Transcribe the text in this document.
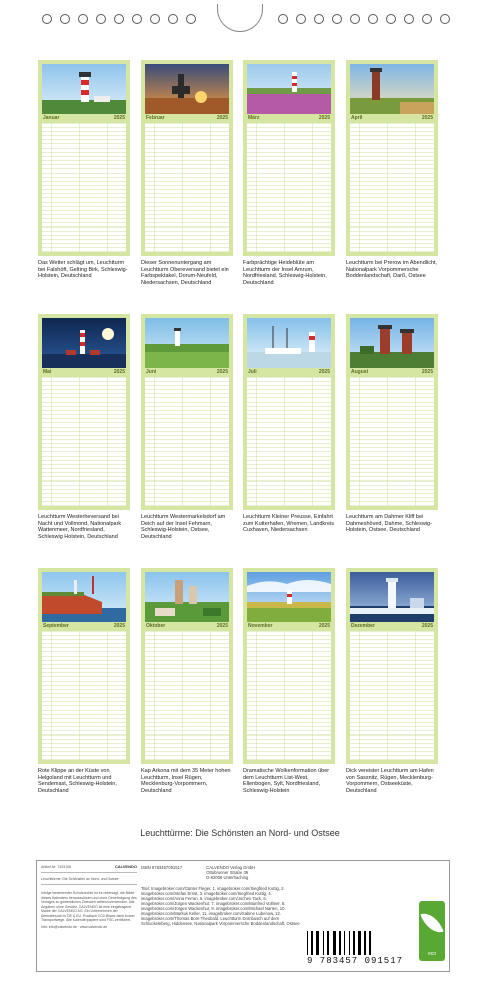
Januar	2025
Das Wetter schlägt um, Leuchtturm bei Falshöft, Gelting Birk, Schleswig-Holstein, Deutschland
Februar	2025
Dieser Sonnenuntergang am Leuchtturm Obereversand bietet ein Farbspektakel, Dorum-Neufeld, Niedersachsen, Deutschland
März	2025
Farbprächtige Heideblüte am Leuchtturm der Insel Amrum, Nordfriesland, Schleswig-Holstein, Deutschland
April	2025
Leuchtturm bei Prerow im Abendlicht, Nationalpark Vorpommersche Boddenlandschaft, Darß, Ostsee
Mai	2025
Leuchtturm Westerheversand bei Nacht und Vollmond, Nationalpark Wattenmeer, Nordfriesland, Schleswig Holstein, Deutschland
Juni	2025
Leuchtturm Westermarkelsdorf am Deich auf der Insel Fehmarn, Schleswig-Holstein, Ostsee, Deutschland
Juli	2025
Leuchtturm Kleiner Preusse, Einfahrt zum Kutterhafen, Wremen, Landkreis Cuxhaven, Niedersachsen
August	2025
Leuchtturm am Dahmer Kliff bei Dahmeshöved, Dahme, Schleswig-Holstein, Ostsee, Deutschland
September	2025
Rote Klippe an der Küste von Helgoland mit Leuchtturm und Sendemast, Schleswig-Holstein, Deutschland
Oktober	2025
Kap Arkona mit dem 35 Meter hohen Leuchtturm, Insel Rügen, Mecklenburg-Vorpommern, Deutschland
November	2025
Dramatische Wolkenformation über dem Leuchtturm List-West, Ellenbogen, Sylt, Nordfriesland, Schleswig-Holstein
Dezember	2025
Dick vereister Leuchtturm am Hafen von Sassnitz, Rügen, Mecklenburg-Vorpommern, Ostseeküste, Deutschland
Leuchttürme: Die Schönsten an Nord- und Ostsee
Artikel-Nr. 7433106	CALVENDO
Leuchttürme: Die Schönsten an Nord- und Ostsee
Infolge bestehender Schutzrechte ist es untersagt, die Bilder dieses Kalenders herauszulösen und ohne Genehmigung des Verlages zu gewerblichen Zwecken weiterzuverwenden. Alle Angaben ohne Gewähr. CALVENDO ist eine eingetragene Marke der CALVENDO AG. Ein Unternehmen der Ammabesuch in DE & EU. Postfach CO2-Bilanz dank kurzer Transportwege. Alle Kalenderpapiere sind FSC-zertifiziert.
Info: info@calvendo.de · www.calvendo.de
ISBN 9783457091517	CALVENDO Verlag GmbH
Ottobrunner Straße 39
D-82008 Unterhaching
Titel: Imagebroker.com/Günter Fleger, 1. imagebroker.com/Siegfried Kuttig, 2. imagebroker.com/Stefan Ernst, 3. imagebroker.com/Siegfried Kuttig, 4. imagebroker.com/Anna Ferrari, 5. imagebroker.com/Jochen Tack, 6. imagebroker.com/Jürgen Wackenhut, 7. imagebroker.com/Manfred Vollmer, 8. imagebroker.com/Jürgen Wackenhut, 9. imagebroker.com/Michael Narten, 10. imagebroker.com/Markus Keller, 11. imagebroker.com/Sabine Lubenow, 12. imagebroker.com/Thomas Bom-Theobald. Leuchtturm Dornbusch auf dem Schluckeleberg, Hiddensee, Nationalpark Vorpommersche Boddenlandschaft, Ostsee
9 783457 091517
eco
